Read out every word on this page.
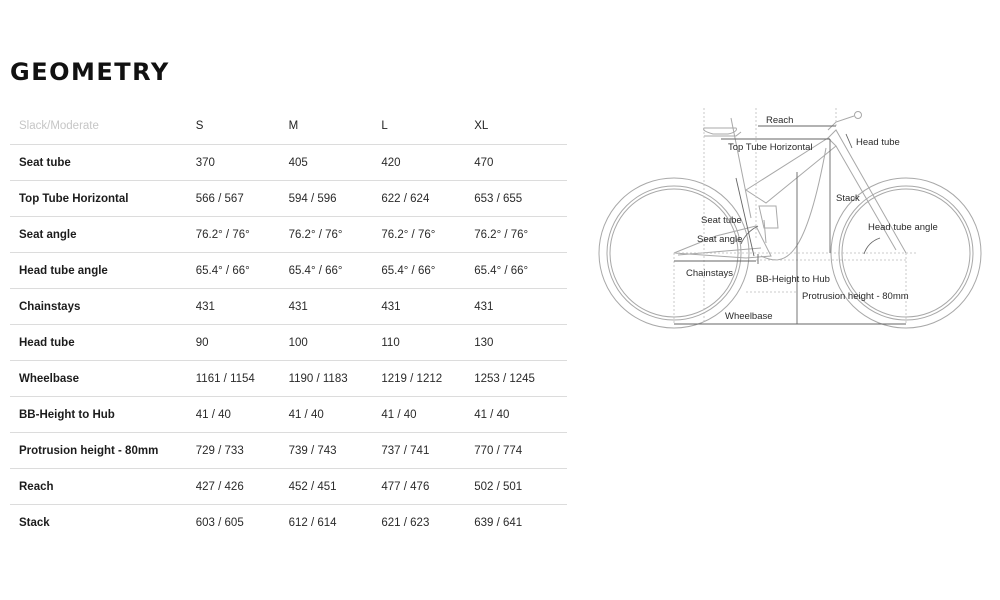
GEOMETRY
Slack/Moderate	S	M	L	XL
Seat tube	370	405	420	470
Top Tube Horizontal	566 / 567	594 / 596	622 / 624	653 / 655
Seat angle	76.2° / 76°	76.2° / 76°	76.2° / 76°	76.2° / 76°
Head tube angle	65.4° / 66°	65.4° / 66°	65.4° / 66°	65.4° / 66°
Chainstays	431	431	431	431
Head tube	90	100	110	130
Wheelbase	1161 / 1154	1190 / 1183	1219 / 1212	1253 / 1245
BB-Height to Hub	41 / 40	41 / 40	41 / 40	41 / 40
Protrusion height - 80mm	729 / 733	739 / 743	737 / 741	770 / 774
Reach	427 / 426	452 / 451	477 / 476	502 / 501
Stack	603 / 605	612 / 614	621 / 623	639 / 641
Reach
Top Tube Horizontal	Head tube
Stack
Seat tube
Seat angle
Head tube angle
Chainstays
BB-Height to Hub
Protrusion height - 80mm
Wheelbase
